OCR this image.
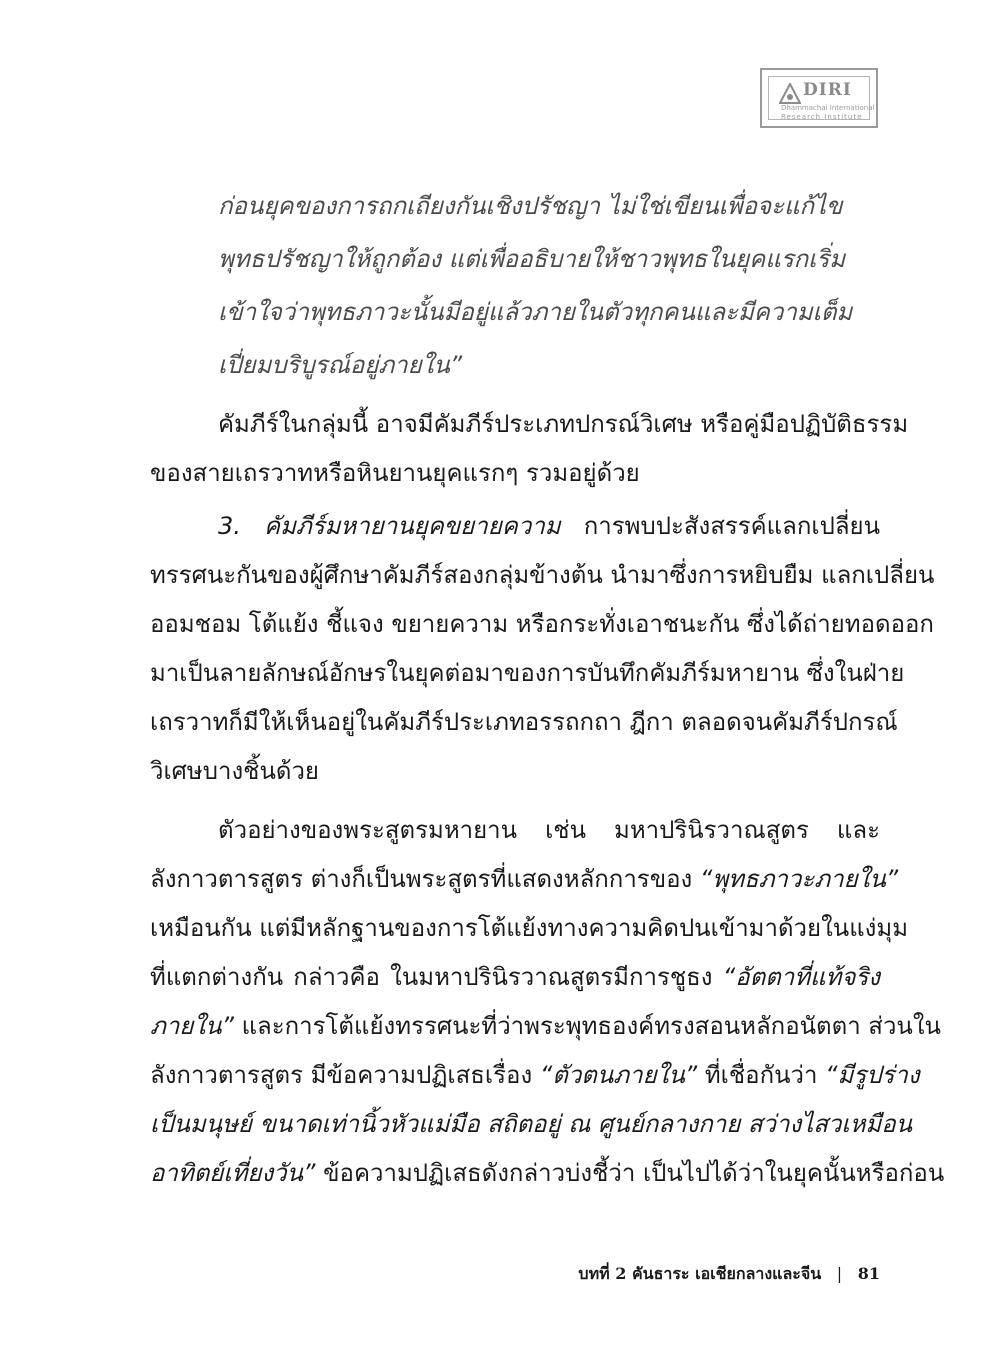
DIRI
Dhammachai International
Research Institute
ก่อนยุคของการถกเถียงกันเชิงปรัชญา ไม่ใช่เขียนเพื่อจะแก้ไข
พุทธปรัชญาให้ถูกต้อง แต่เพื่ออธิบายให้ชาวพุทธในยุคแรกเริ่ม
เข้าใจว่าพุทธภาวะนั้นมีอยู่แล้วภายในตัวทุกคนและมีความเต็ม
เปี่ยมบริบูรณ์อยู่ภายใน”
คัมภีร์ในกลุ่มนี้ อาจมีคัมภีร์ประเภทปกรณ์วิเศษ หรือคู่มือปฏิบัติธรรม
ของสายเถรวาทหรือหินยานยุคแรกๆ รวมอยู่ด้วย
3. คัมภีร์มหายานยุคขยายความ การพบปะสังสรรค์แลกเปลี่ยน
ทรรศนะกันของผู้ศึกษาคัมภีร์สองกลุ่มข้างต้น นำมาซึ่งการหยิบยืม แลกเปลี่ยน
ออมชอม โต้แย้ง ชี้แจง ขยายความ หรือกระทั่งเอาชนะกัน ซึ่งได้ถ่ายทอดออก
มาเป็นลายลักษณ์อักษรในยุคต่อมาของการบันทึกคัมภีร์มหายาน ซึ่งในฝ่าย
เถรวาทก็มีให้เห็นอยู่ในคัมภีร์ประเภทอรรถกถา ฎีกา ตลอดจนคัมภีร์ปกรณ์
วิเศษบางชิ้นด้วย
ตัวอย่างของพระสูตรมหายาน เช่น มหาปรินิรวาณสูตร และ
ลังกาวตารสูตร ต่างก็เป็นพระสูตรที่แสดงหลักการของ “พุทธภาวะภายใน”
เหมือนกัน แต่มีหลักฐานของการโต้แย้งทางความคิดปนเข้ามาด้วยในแง่มุม
ที่แตกต่างกัน กล่าวคือ ในมหาปรินิรวาณสูตรมีการชูธง “อัตตาที่แท้จริง
ภายใน” และการโต้แย้งทรรศนะที่ว่าพระพุทธองค์ทรงสอนหลักอนัตตา ส่วนใน
ลังกาวตารสูตร มีข้อความปฏิเสธเรื่อง “ตัวตนภายใน” ที่เชื่อกันว่า “มีรูปร่าง
เป็นมนุษย์ ขนาดเท่านิ้วหัวแม่มือ สถิตอยู่ ณ ศูนย์กลางกาย สว่างไสวเหมือน
อาทิตย์เที่ยงวัน” ข้อความปฏิเสธดังกล่าวบ่งชี้ว่า เป็นไปได้ว่าในยุคนั้นหรือก่อน
บทที่ 2 คันธาระ เอเชียกลางและจีน | 81
